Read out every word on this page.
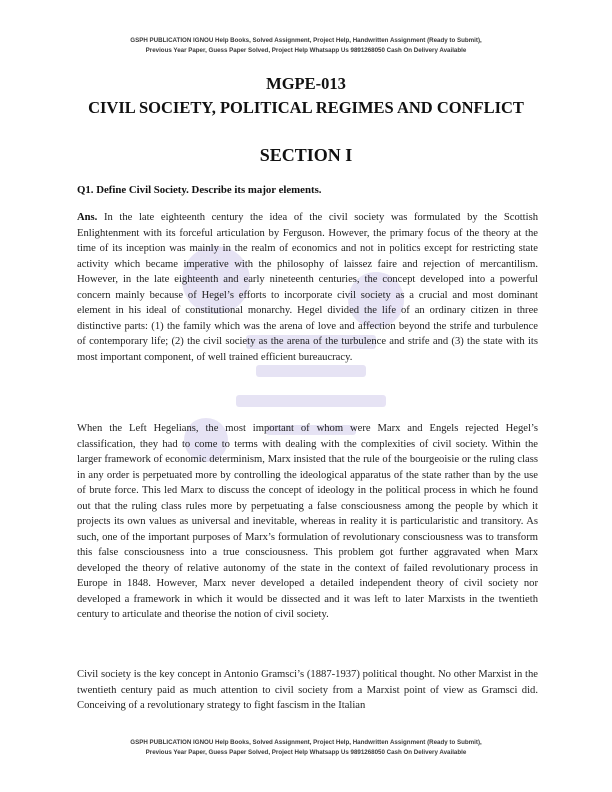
GSPH PUBLICATION IGNOU Help Books, Solved Assignment, Project Help, Handwritten Assignment (Ready to Submit),
Previous Year Paper, Guess Paper Solved, Project Help Whatsapp Us 9891268050 Cash On Delivery Available
MGPE-013
CIVIL SOCIETY, POLITICAL REGIMES AND CONFLICT
SECTION I
Q1. Define Civil Society. Describe its major elements.
Ans. In the late eighteenth century the idea of the civil society was formulated by the Scottish Enlightenment with its forceful articulation by Ferguson. However, the primary focus of the theory at the time of its inception was mainly in the realm of economics and not in politics except for restricting state activity which became imperative with the philosophy of laissez faire and rejection of mercantilism. However, in the late eighteenth and early nineteenth centuries, the concept developed into a powerful concern mainly because of Hegel’s efforts to incorporate civil society as a crucial and most dominant element in his ideal of constitutional monarchy. Hegel divided the life of an ordinary citizen in three distinctive parts: (1) the family which was the arena of love and affection beyond the strife and turbulence of contemporary life; (2) the civil society as the arena of the turbulence and strife and (3) the state with its most important component, of well trained efficient bureaucracy.
When the Left Hegelians, the most important of whom were Marx and Engels rejected Hegel’s classification, they had to come to terms with dealing with the complexities of civil society. Within the larger framework of economic determinism, Marx insisted that the rule of the bourgeoisie or the ruling class in any order is perpetuated more by controlling the ideological apparatus of the state rather than by the use of brute force. This led Marx to discuss the concept of ideology in the political process in which he found out that the ruling class rules more by perpetuating a false consciousness among the people by which it projects its own values as universal and inevitable, whereas in reality it is particularistic and transitory. As such, one of the important purposes of Marx’s formulation of revolutionary consciousness was to transform this false consciousness into a true consciousness. This problem got further aggravated when Marx developed the theory of relative autonomy of the state in the context of failed revolutionary process in Europe in 1848. However, Marx never developed a detailed independent theory of civil society nor developed a framework in which it would be dissected and it was left to later Marxists in the twentieth century to articulate and theorise the notion of civil society.
Civil society is the key concept in Antonio Gramsci’s (1887-1937) political thought. No other Marxist in the twentieth century paid as much attention to civil society from a Marxist point of view as Gramsci did. Conceiving of a revolutionary strategy to fight fascism in the Italian
GSPH PUBLICATION IGNOU Help Books, Solved Assignment, Project Help, Handwritten Assignment (Ready to Submit),
Previous Year Paper, Guess Paper Solved, Project Help Whatsapp Us 9891268050 Cash On Delivery Available
